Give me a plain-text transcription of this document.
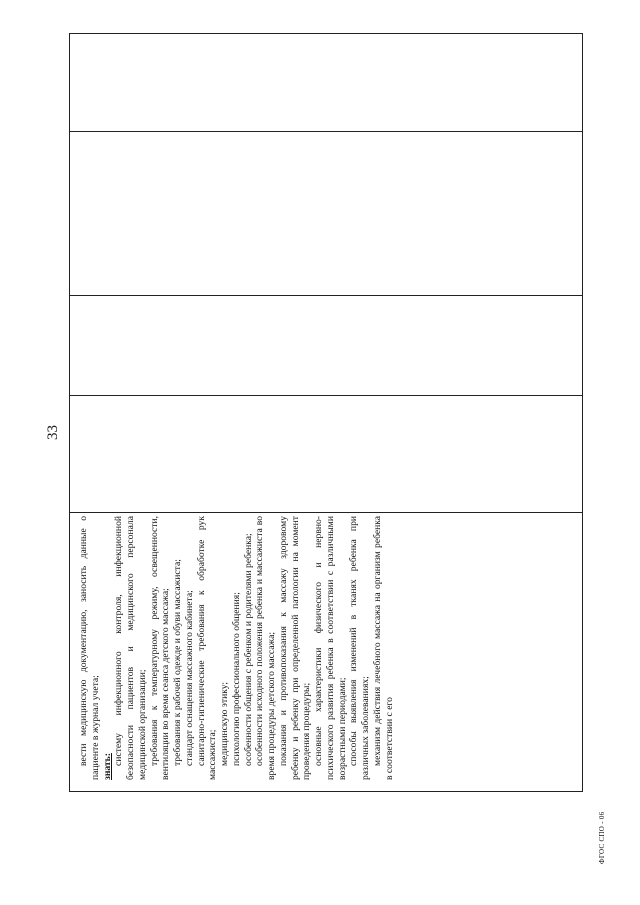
33

вести медицинскую документацию, заносить данные о пациенте в журнал учета; знать:

систему инфекционного контроля, инфекционной безопасности пациентов и медицинского персонала медицинской организации; требования к температурному режиму, освещенности, вентиляции во время сеанса детского массажа; требования к рабочей одежде и обуви массажиста; стандарт оснащения массажного кабинета; санитарно-гигиенические требования к обработке рук массажиста; медицинскую этику; психологию профессионального общения; особенности общения с ребенком и родителями ребенка; особенности исходного положения ребенка и массажиста во время процедуры детского массажа; показания и противопоказания к массажу здоровому ребенку и ребенку при определенной патологии на момент проведения процедуры; основные характеристики физического и нервно-психического развития ребенка в соответствии с различными возрастными периодами; способы выявления изменений в тканях ребенка при различных заболеваниях; механизм действия лечебного массажа на организм ребенка в соответствии с его

ФГОС СПО - 06
